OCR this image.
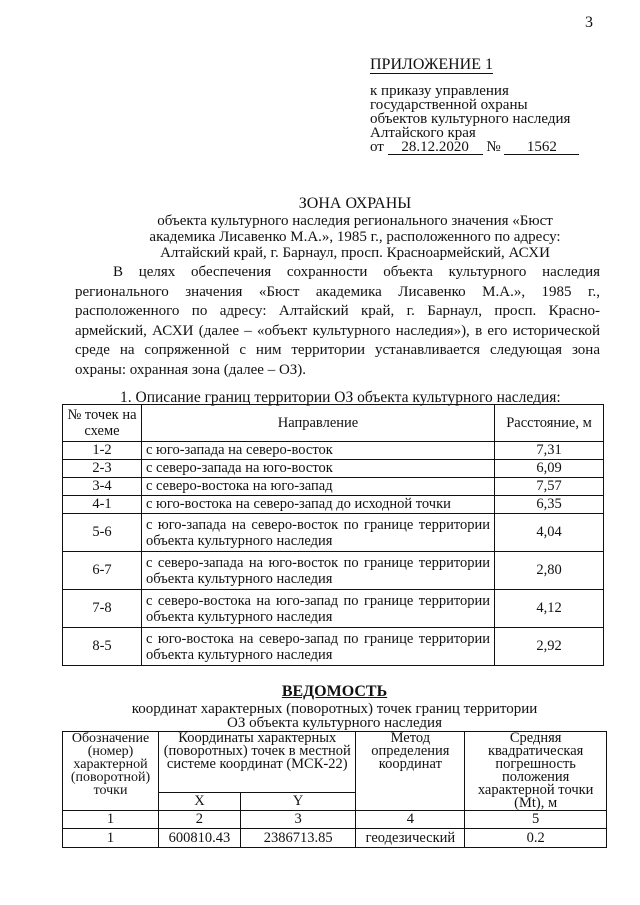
3
ПРИЛОЖЕНИЕ 1
к приказу управления
государственной охраны
объектов культурного наследия
Алтайского края
от 28.12.2020 № 1562
ЗОНА ОХРАНЫ
объекта культурного наследия регионального значения «Бюст
академика Лисавенко М.А.», 1985 г., расположенного по адресу:
Алтайский край, г. Барнаул, просп. Красноармейский, АСХИ
В целях обеспечения сохранности объекта культурного наследия регионального значения «Бюст академика Лисавенко М.А.», 1985 г., расположенного по адресу: Алтайский край, г. Барнаул, просп. Красно-армейский, АСХИ (далее – «объект культурного наследия»), в его исторической среде на сопряженной с ним территории устанавливается следующая зона охраны: охранная зона (далее – ОЗ).
1. Описание границ территории ОЗ объекта культурного наследия:
№ точек на схеме	Направление	Расстояние, м
1-2	с юго-запада на северо-восток	7,31
2-3	с северо-запада на юго-восток	6,09
3-4	с северо-востока на юго-запад	7,57
4-1	с юго-востока на северо-запад до исходной точки	6,35
5-6	с юго-запада на северо-восток по границе территории объекта культурного наследия	4,04
6-7	с северо-запада на юго-восток по границе территории объекта культурного наследия	2,80
7-8	с северо-востока на юго-запад по границе территории объекта культурного наследия	4,12
8-5	с юго-востока на северо-запад по границе территории объекта культурного наследия	2,92
ВЕДОМОСТЬ
координат характерных (поворотных) точек границ территории
ОЗ объекта культурного наследия
Обозначение (номер) характерной (поворотной) точки	Координаты характерных (поворотных) точек в местной системе координат (МСК-22)		Метод определения координат	Средняя квадратическая погрешность положения характерной точки (Mt), м
	X	Y		
1	2	3	4	5
1	600810.43	2386713.85	геодезический	0.2
